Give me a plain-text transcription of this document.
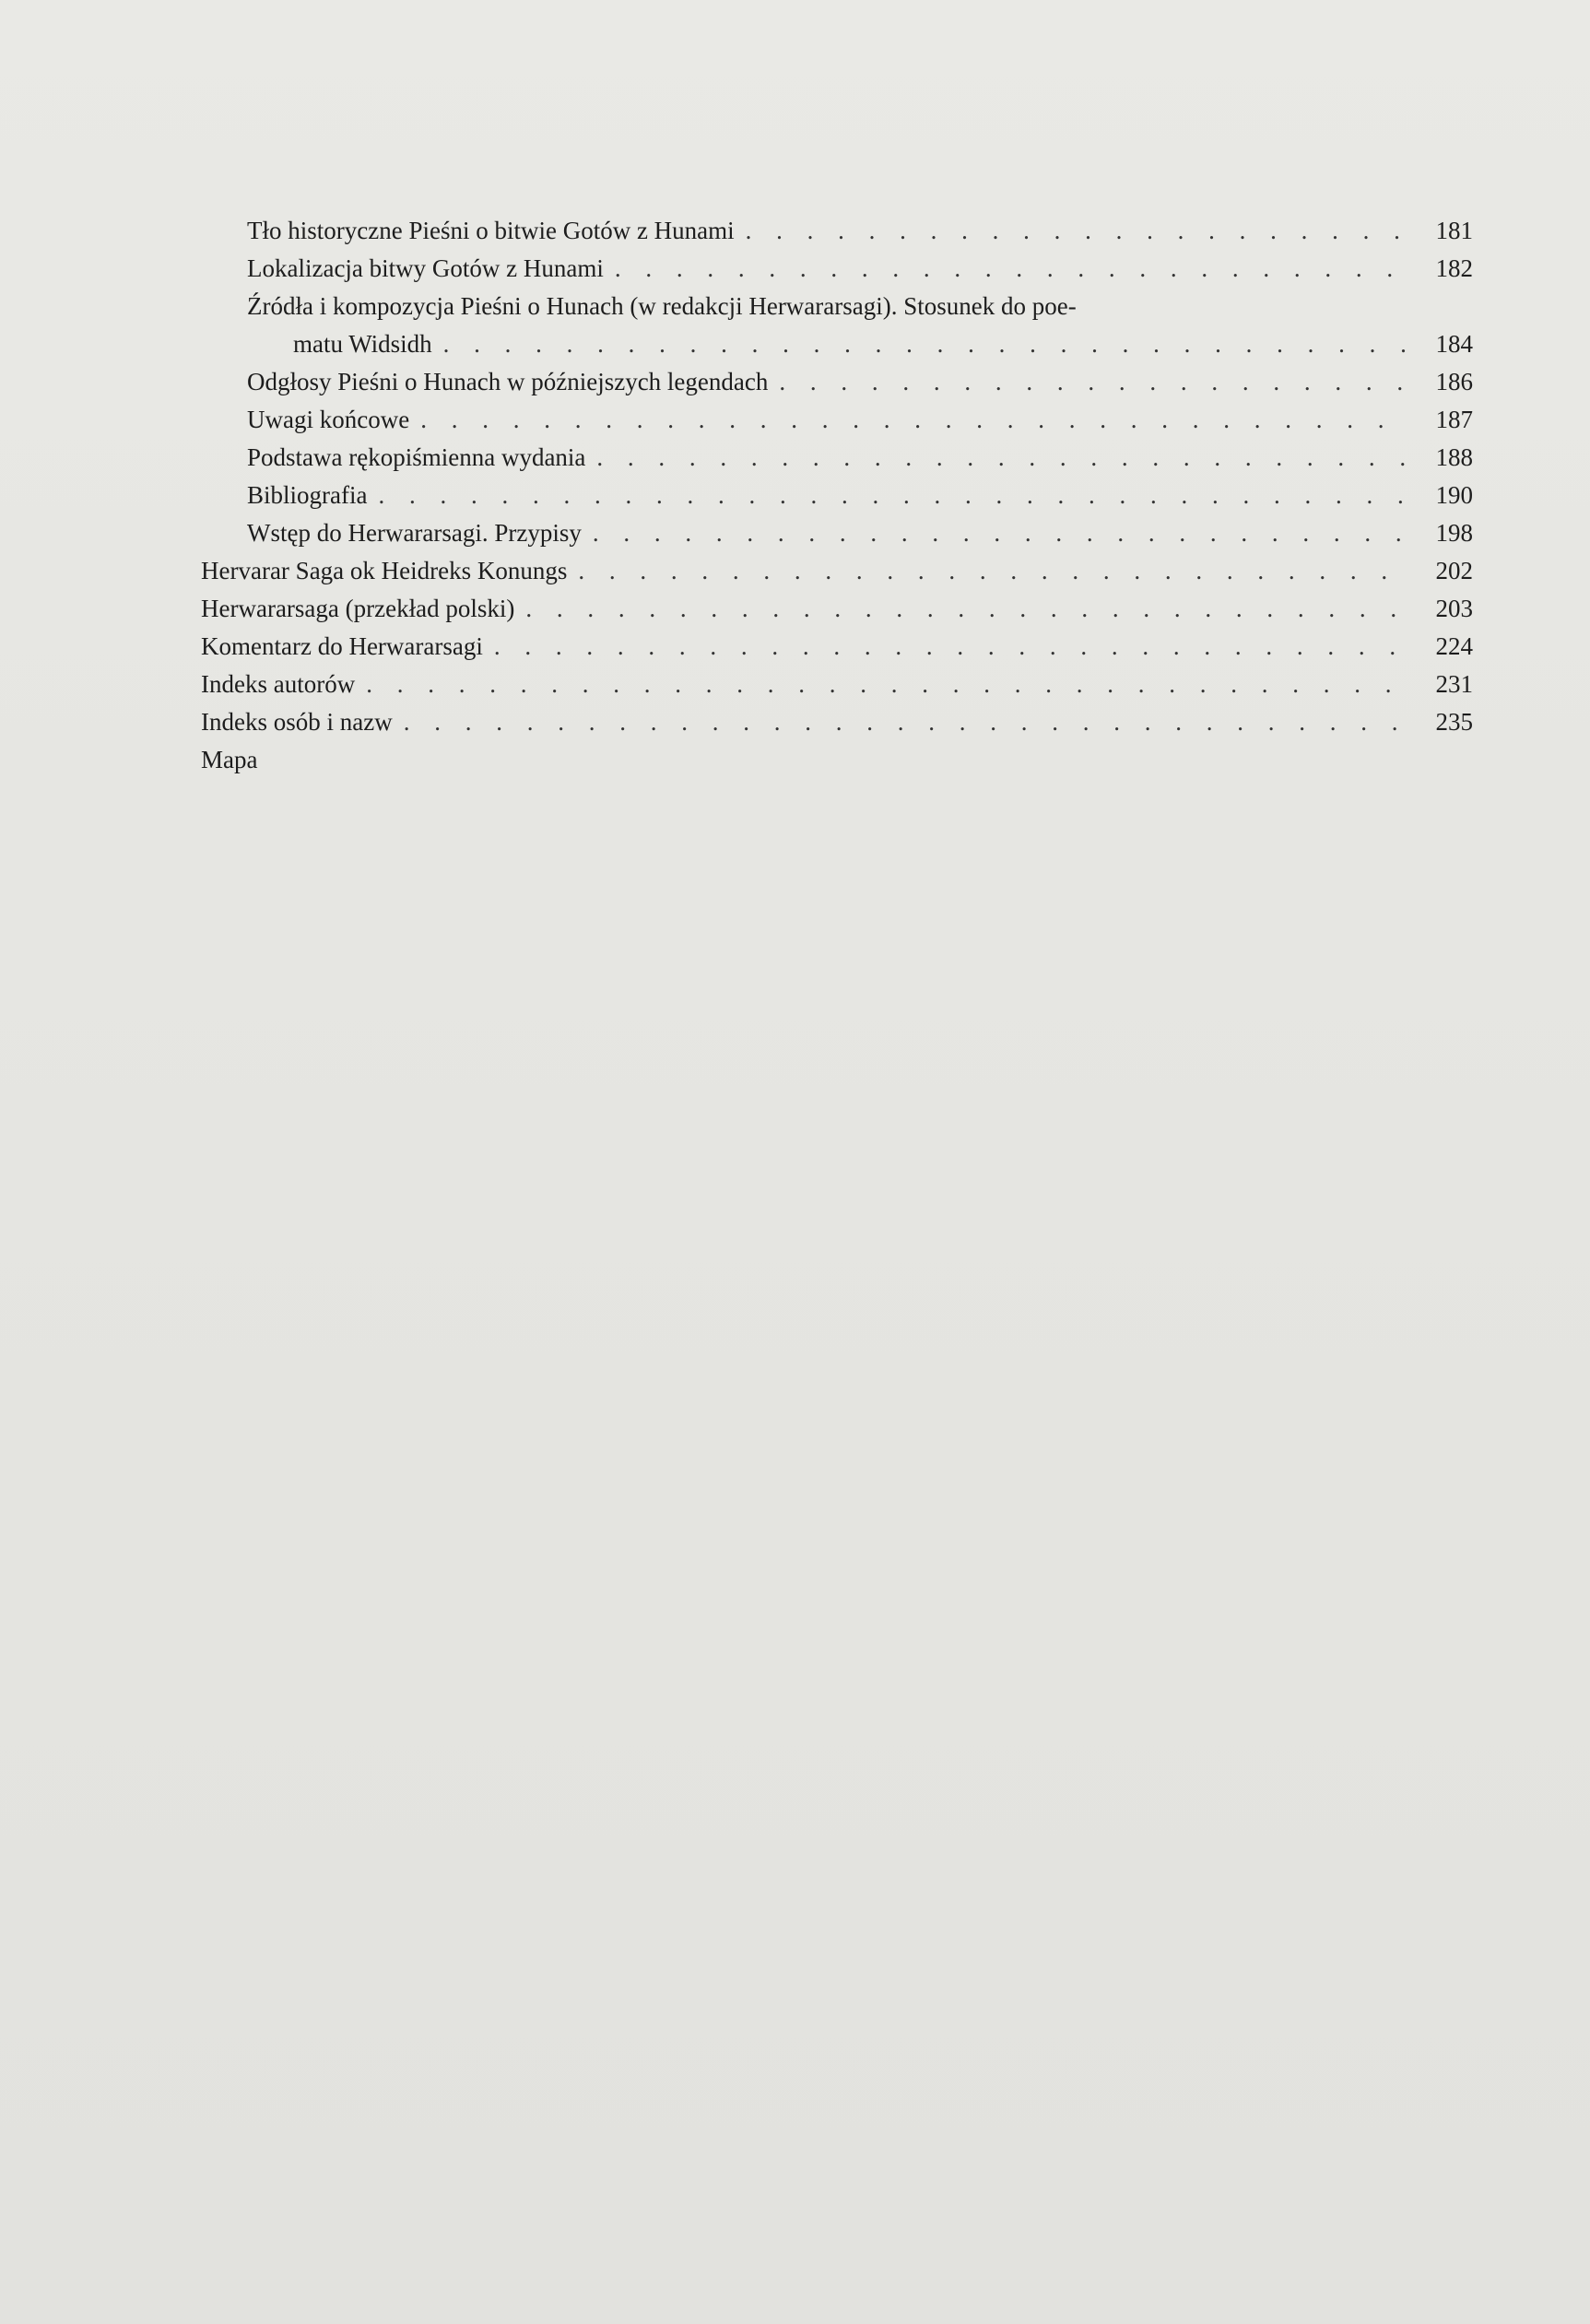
Tło historyczne Pieśni o bitwie Gotów z Hunami . . .	181
Lokalizacja bitwy Gotów z Hunami . . .	182
Źródła i kompozycja Pieśni o Hunach (w redakcji Herwararsagi). Stosunek do poe-
matu Widsidh . . .	184
Odgłosy Pieśni o Hunach w późniejszych legendach . . .	186
Uwagi końcowe . . .	187
Podstawa rękopiśmienna wydania . . .	188
Bibliografia . . .	190
Wstęp do Herwararsagi. Przypisy . . .	198
Hervarar Saga ok Heidreks Konungs . . .	202
Herwararsaga (przekład polski) . . .	203
Komentarz do Herwararsagi . . .	224
Indeks autorów . . .	231
Indeks osób i nazw . . .	235
Mapa
